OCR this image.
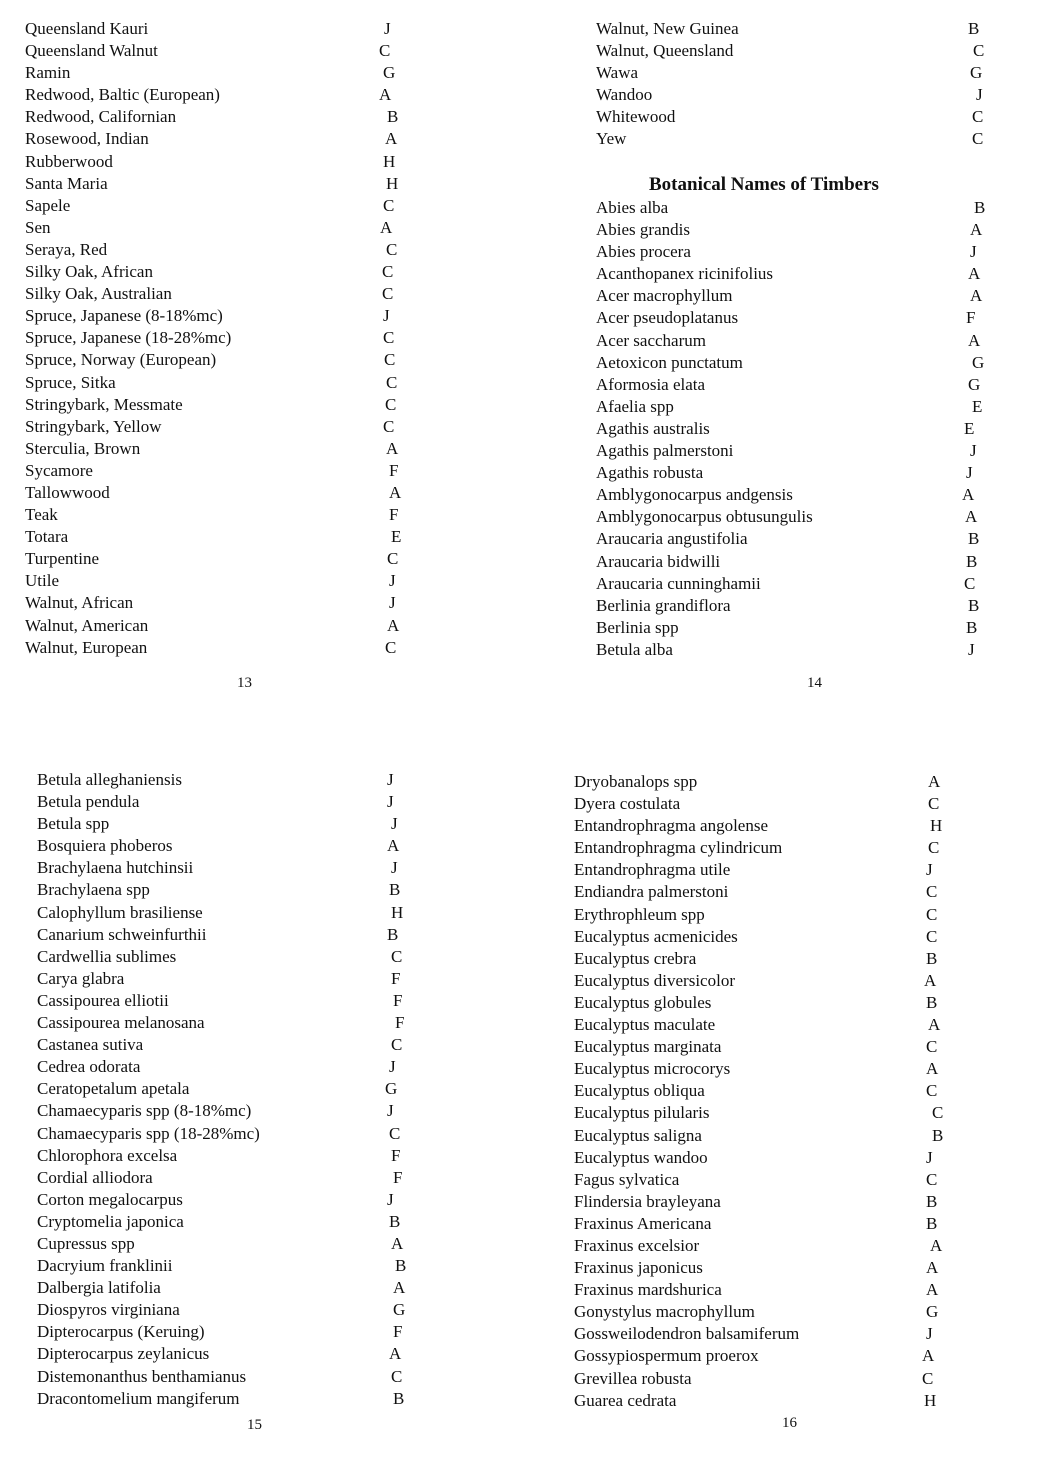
Queensland Kauri	J
Queensland Walnut	C
Ramin	G
Redwood, Baltic (European)	A
Redwood, Californian	B
Rosewood, Indian	A
Rubberwood	H
Santa Maria	H
Sapele	C
Sen	A
Seraya, Red	C
Silky Oak, African	C
Silky Oak, Australian	C
Spruce, Japanese (8-18%mc)	J
Spruce, Japanese (18-28%mc)	C
Spruce, Norway (European)	C
Spruce, Sitka	C
Stringybark, Messmate	C
Stringybark, Yellow	C
Sterculia, Brown	A
Sycamore	F
Tallowwood	A
Teak	F
Totara	E
Turpentine	C
Utile	J
Walnut, African	J
Walnut, American	A
Walnut, European	C
13
Walnut, New Guinea	B
Walnut, Queensland	C
Wawa	G
Wandoo	J
Whitewood	C
Yew	C
Botanical Names of Timbers
Abies alba	B
Abies grandis	A
Abies procera	J
Acanthopanex ricinifolius	A
Acer macrophyllum	A
Acer pseudoplatanus	F
Acer saccharum	A
Aetoxicon punctatum	G
Aformosia elata	G
Afaelia spp	E
Agathis australis	E
Agathis palmerstoni	J
Agathis robusta	J
Amblygonocarpus andgensis	A
Amblygonocarpus obtusungulis	A
Araucaria angustifolia	B
Araucaria bidwilli	B
Araucaria cunninghamii	C
Berlinia grandiflora	B
Berlinia spp	B
Betula alba	J
14
Betula alleghaniensis	J
Betula pendula	J
Betula spp	J
Bosquiera phoberos	A
Brachylaena hutchinsii	J
Brachylaena spp	B
Calophyllum brasiliense	H
Canarium schweinfurthii	B
Cardwellia sublimes	C
Carya glabra	F
Cassipourea elliotii	F
Cassipourea melanosana	F
Castanea sutiva	C
Cedrea odorata	J
Ceratopetalum apetala	G
Chamaecyparis spp (8-18%mc)	J
Chamaecyparis spp (18-28%mc)	C
Chlorophora excelsa	F
Cordial alliodora	F
Corton megalocarpus	J
Cryptomelia japonica	B
Cupressus spp	A
Dacryium franklinii	B
Dalbergia latifolia	A
Diospyros virginiana	G
Dipterocarpus (Keruing)	F
Dipterocarpus zeylanicus	A
Distemonanthus benthamianus	C
Dracontomelium mangiferum	B
15
Dryobanalops spp	A
Dyera costulata	C
Entandrophragma angolense	H
Entandrophragma cylindricum	C
Entandrophragma utile	J
Endiandra palmerstoni	C
Erythrophleum spp	C
Eucalyptus acmenicides	C
Eucalyptus crebra	B
Eucalyptus diversicolor	A
Eucalyptus globules	B
Eucalyptus maculate	A
Eucalyptus marginata	C
Eucalyptus microcorys	A
Eucalyptus obliqua	C
Eucalyptus pilularis	C
Eucalyptus saligna	B
Eucalyptus wandoo	J
Fagus sylvatica	C
Flindersia brayleyana	B
Fraxinus Americana	B
Fraxinus excelsior	A
Fraxinus japonicus	A
Fraxinus mardshurica	A
Gonystylus macrophyllum	G
Gossweilodendron balsamiferum	J
Gossypiospermum proerox	A
Grevillea robusta	C
Guarea cedrata	H
16
